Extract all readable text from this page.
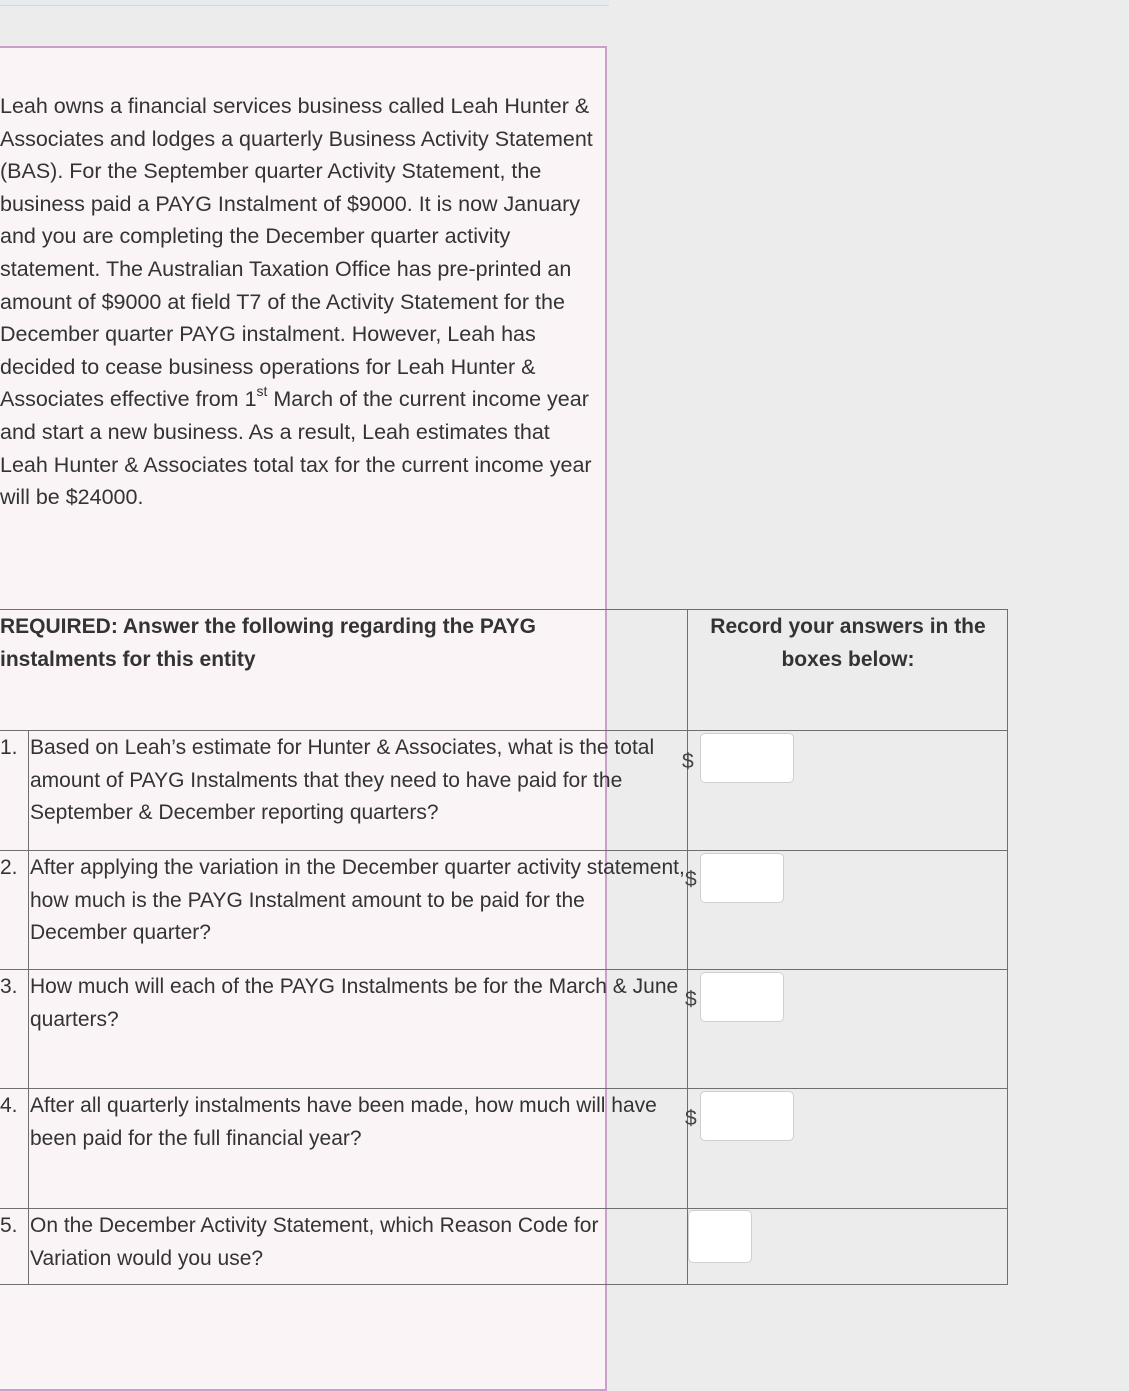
Leah owns a financial services business called Leah Hunter & Associates and lodges a quarterly Business Activity Statement (BAS). For the September quarter Activity Statement, the business paid a PAYG Instalment of $9000. It is now January and you are completing the December quarter activity statement. The Australian Taxation Office has pre-printed an amount of $9000 at field T7 of the Activity Statement for the December quarter PAYG instalment. However, Leah has decided to cease business operations for Leah Hunter & Associates effective from 1st March of the current income year and start a new business. As a result, Leah estimates that Leah Hunter & Associates total tax for the current income year will be $24000.

REQUIRED: Answer the following regarding the PAYG instalments for this entity

Record your answers in the boxes below:

1. Based on Leah’s estimate for Hunter & Associates, what is the total amount of PAYG Instalments that they need to have paid for the September & December reporting quarters?

$
2. After applying the variation in the December quarter activity statement, how much is the PAYG Instalment amount to be paid for the December quarter?

$
3. How much will each of the PAYG Instalments be for the March & June quarters?

$
4. After all quarterly instalments have been made, how much will have been paid for the full financial year?

$
5. On the December Activity Statement, which Reason Code for Variation would you use?
